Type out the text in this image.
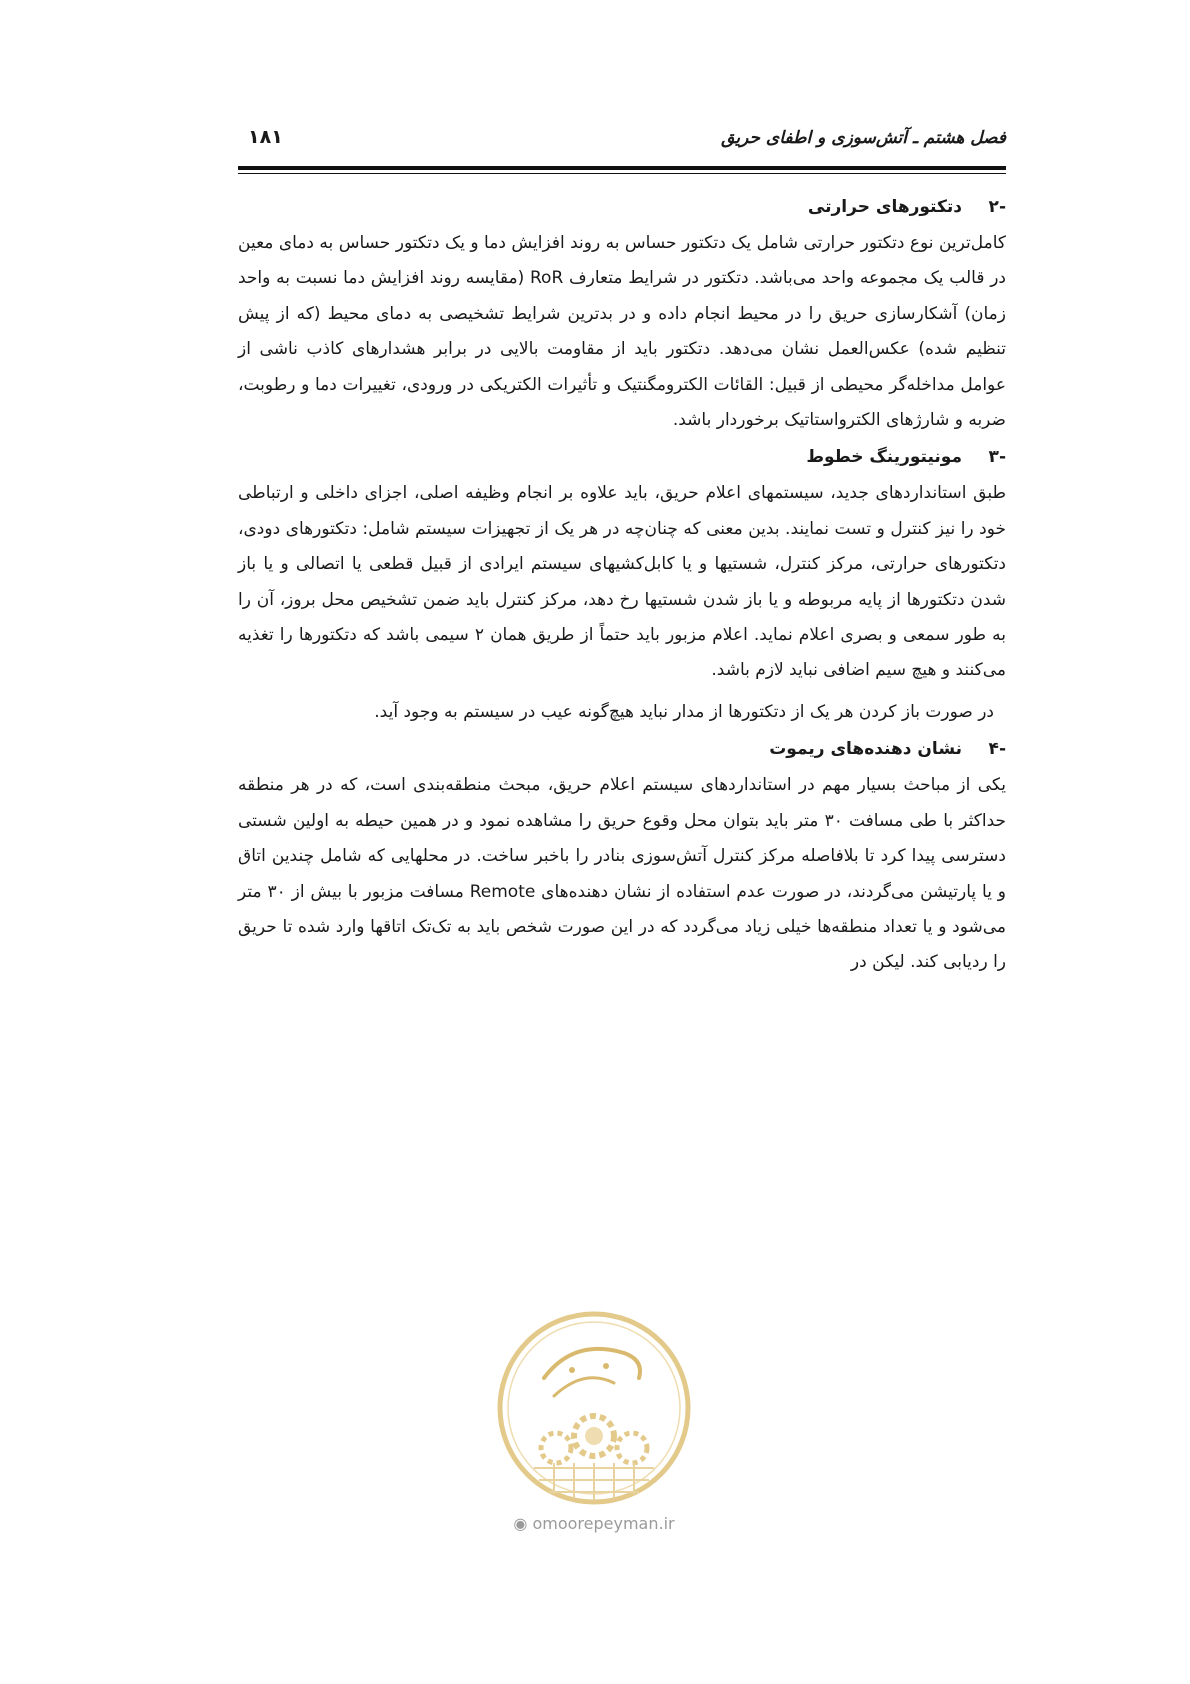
فصل هشتم ـ آتش‌سوزی و اطفای حریق
۱۸۱

-۲دتکتورهای حرارتی

کامل‌ترین نوع دتکتور حرارتی شامل یک دتکتور حساس به روند افزایش دما و یک دتکتور حساس به دمای معین در قالب یک مجموعه واحد می‌باشد. دتکتور در شرایط متعارف RoR (مقایسه روند افزایش دما نسبت به واحد زمان) آشکارسازی حریق را در محیط انجام داده و در بدترین شرایط تشخیصی به دمای محیط (که از پیش تنظیم شده) عکس‌العمل نشان می‌دهد. دتکتور باید از مقاومت بالایی در برابر هشدارهای کاذب ناشی از عوامل مداخله‌گر محیطی از قبیل: القائات الکترومگنتیک و تأثیرات الکتریکی در ورودی، تغییرات دما و رطوبت، ضربه و شارژهای الکترواستاتیک برخوردار باشد.

-۳مونیتورینگ خطوط

طبق استانداردهای جدید، سیستمهای اعلام حریق، باید علاوه بر انجام وظیفه اصلی، اجزای داخلی و ارتباطی خود را نیز کنترل و تست نمایند. بدین معنی که چنان‌چه در هر یک از تجهیزات سیستم شامل: دتکتورهای دودی، دتکتورهای حرارتی، مرکز کنترل، شستیها و یا کابل‌کشیهای سیستم ایرادی از قبیل قطعی یا اتصالی و یا باز شدن دتکتورها از پایه مربوطه و یا باز شدن شستیها رخ دهد، مرکز کنترل باید ضمن تشخیص محل بروز، آن را به طور سمعی و بصری اعلام نماید. اعلام مزبور باید حتماً از طریق همان ۲ سیمی باشد که دتکتورها را تغذیه می‌کنند و هیچ سیم اضافی نباید لازم باشد.

در صورت باز کردن هر یک از دتکتورها از مدار نباید هیچ‌گونه عیب در سیستم به وجود آید.

-۴نشان دهنده‌های ریموت

یکی از مباحث بسیار مهم در استانداردهای سیستم اعلام حریق، مبحث منطقه‌بندی است، که در هر منطقه حداکثر با طی مسافت ۳۰ متر باید بتوان محل وقوع حریق را مشاهده نمود و در همین حیطه به اولین شستی دسترسی پیدا کرد تا بلافاصله مرکز کنترل آتش‌سوزی بنادر را باخبر ساخت. در محلهایی که شامل چندین اتاق و یا پارتیشن می‌گردند، در صورت عدم استفاده از نشان دهنده‌های Remote مسافت مزبور با بیش از ۳۰ متر می‌شود و یا تعداد منطقه‌ها خیلی زیاد می‌گردد که در این صورت شخص باید به تک‌تک اتاقها وارد شده تا حریق را ردیابی کند. لیکن در

◉ omoorepeyman.ir
